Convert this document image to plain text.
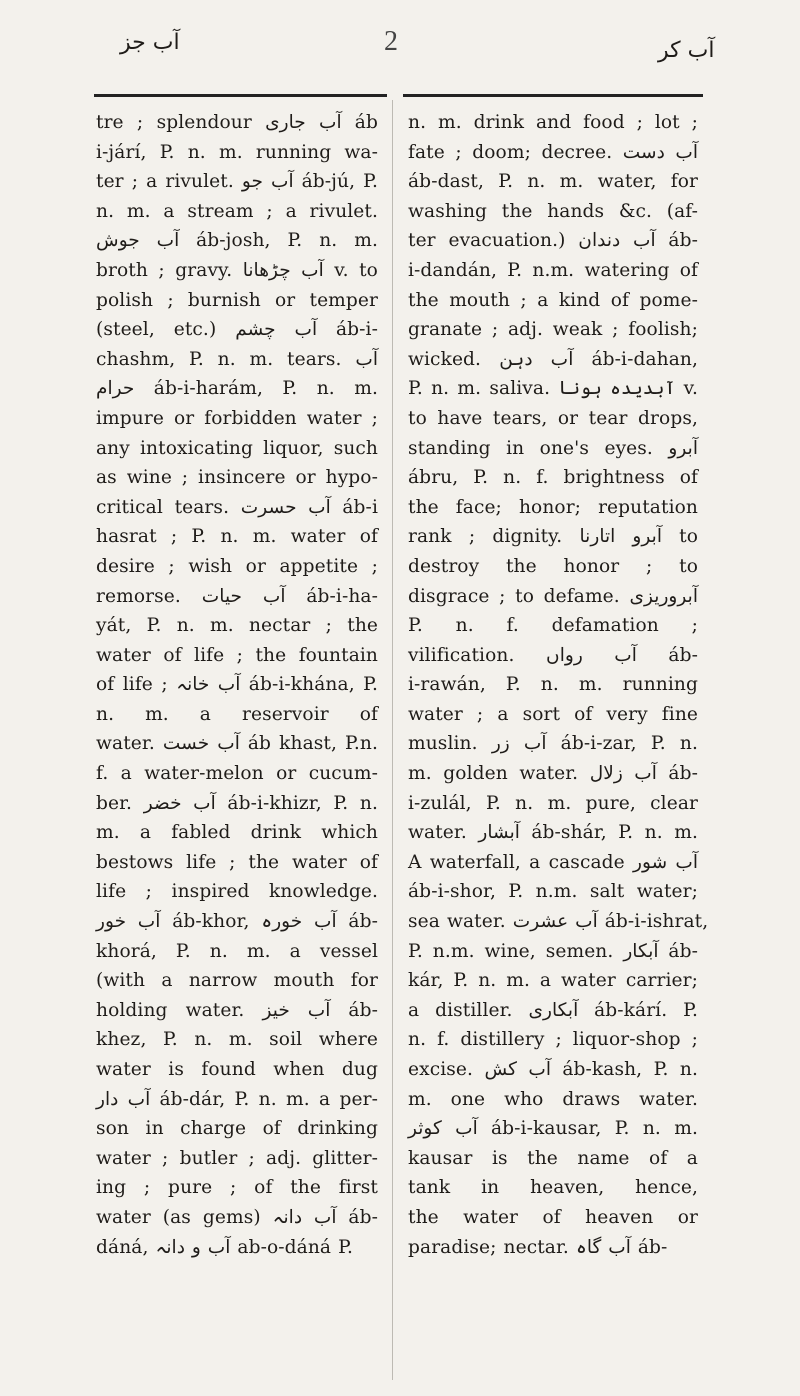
آب جز	2	آب کر
tre ; splendour آب جاری áb
i-járí, P. n. m. running wa-
ter ; a rivulet. آب جو áb-jú, P.
n. m. a stream ; a rivulet.
آب جوش áb-josh, P. n. m.
broth ; gravy. آب چڑھانا v. to
polish ; burnish or temper
(steel, etc.) آب چشم áb-i-
chashm, P. n. m. tears. آب
حرام áb-i-harám, P. n. m.
impure or forbidden water ;
any intoxicating liquor, such
as wine ; insincere or hypo-
critical tears. آب حسرت áb-i
hasrat ; P. n. m. water of
desire ; wish or appetite ;
remorse. آب حیات áb-i-ha-
yát, P. n. m. nectar ; the
water of life ; the fountain
of life ; آب خانہ áb-i-khána, P.
n. m. a reservoir of
water. آب خست áb khast, P.n.
f. a water-melon or cucum-
ber. آب خضر áb-i-khizr, P. n.
m. a fabled drink which
bestows life ; the water of
life ; inspired knowledge.
آب خور áb-khor, آب خورہ áb-
khorá, P. n. m. a vessel
(with a narrow mouth for
holding water. آب خیز áb-
khez, P. n. m. soil where
water is found when dug
آب دار áb-dár, P. n. m. a per-
son in charge of drinking
water ; butler ; adj. glitter-
ing ; pure ; of the first
water (as gems) آب دانہ áb-
dáná, آب و دانہ ab-o-dáná P.
n. m. drink and food ; lot ;
fate ; doom; decree. آب دست
áb-dast, P. n. m. water, for
washing the hands &c. (af-
ter evacuation.) آب دندان áb-
i-dandán, P. n.m. watering of
the mouth ; a kind of pome-
granate ; adj. weak ; foolish;
wicked. آب دہن áb-i-dahan,
P. n. m. saliva. آبدیدہ ہونا v.
to have tears, or tear drops,
standing in one's eyes. آبرو
ábru, P. n. f. brightness of
the face; honor; reputation
rank ; dignity. آبرو اتارنا to
destroy the honor ; to
disgrace ; to defame. آبروریزی
P. n. f. defamation ;
vilification. آب رواں áb-
i-rawán, P. n. m. running
water ; a sort of very fine
muslin. آب زر áb-i-zar, P. n.
m. golden water. آب زلال áb-
i-zulál, P. n. m. pure, clear
water. آبشار áb-shár, P. n. m.
A waterfall, a cascade آب شور
áb-i-shor, P. n.m. salt water;
sea water. آب عشرت áb-i-ishrat,
P. n.m. wine, semen. آبکار áb-
kár, P. n. m. a water carrier;
a distiller. آبکاری áb-kárí. P.
n. f. distillery ; liquor-shop ;
excise. آب کش áb-kash, P. n.
m. one who draws water.
آب کوثر áb-i-kausar, P. n. m.
kausar is the name of a
tank in heaven, hence,
the water of heaven or
paradise; nectar. آب گاہ áb-
